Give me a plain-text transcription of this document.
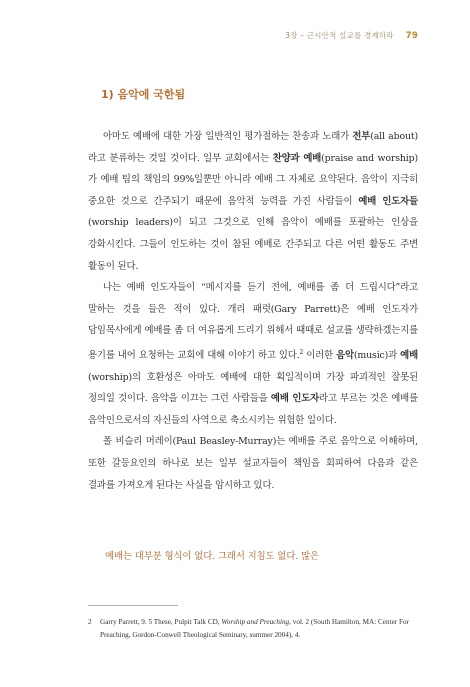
3장 – 근시안적 설교를 경계하라 79
1) 음악에 국한됨

아마도 예배에 대한 가장 일반적인 평가절하는 찬송과 노래가 전부(all about)라고 분류하는 것일 것이다. 일부 교회에서는 찬양과 예배(praise and worship)가 예배 팀의 책임의 99%일뿐만 아니라 예배 그 자체로 요약된다. 음악이 지극히 중요한 것으로 간주되기 때문에 음악적 능력을 가진 사람들이 예배 인도자들(worship leaders)이 되고 그것으로 인해 음악이 예배를 포괄하는 인상을 강화시킨다. 그들이 인도하는 것이 참된 예배로 간주되고 다른 어떤 활동도 주변 활동이 된다.

나는 예배 인도자들이 “메시지를 듣기 전에, 예배를 좀 더 드립시다”라고 말하는 것을 들은 적이 있다. 개리 패럿(Gary Parrett)은 예배 인도자가 담임목사에게 예배를 좀 더 여유롭게 드리기 위해서 때때로 설교를 생략하겠는지를 용기를 내어 요청하는 교회에 대해 이야기 하고 있다.$^2$ 이러한 음악(music)과 예배(worship)의 호환성은 아마도 예배에 대한 획일적이며 가장 파괴적인 잘못된 정의일 것이다. 음악을 이끄는 그런 사람들을 예배 인도자라고 부르는 것은 예배를 음악인으로서의 자신들의 사역으로 축소시키는 위험한 일이다.

폴 비슬리 머레이(Paul Beasley-Murray)는 예배를 주로 음악으로 이해하며, 또한 갈등요인의 하나로 보는 일부 설교자들이 책임을 회피하여 다음과 같은 결과를 가져오게 된다는 사실을 암시하고 있다.

예배는 대부분 형식이 없다. 그래서 지침도 없다. 많은
2	Garry Parrett, 9. 5 These, Pulpit Talk CD, Worship and Preaching, vol. 2 (South Hamilton, MA: Center For Preaching, Gordon-Conwell Theological Seminary, summer 2004), 4.
